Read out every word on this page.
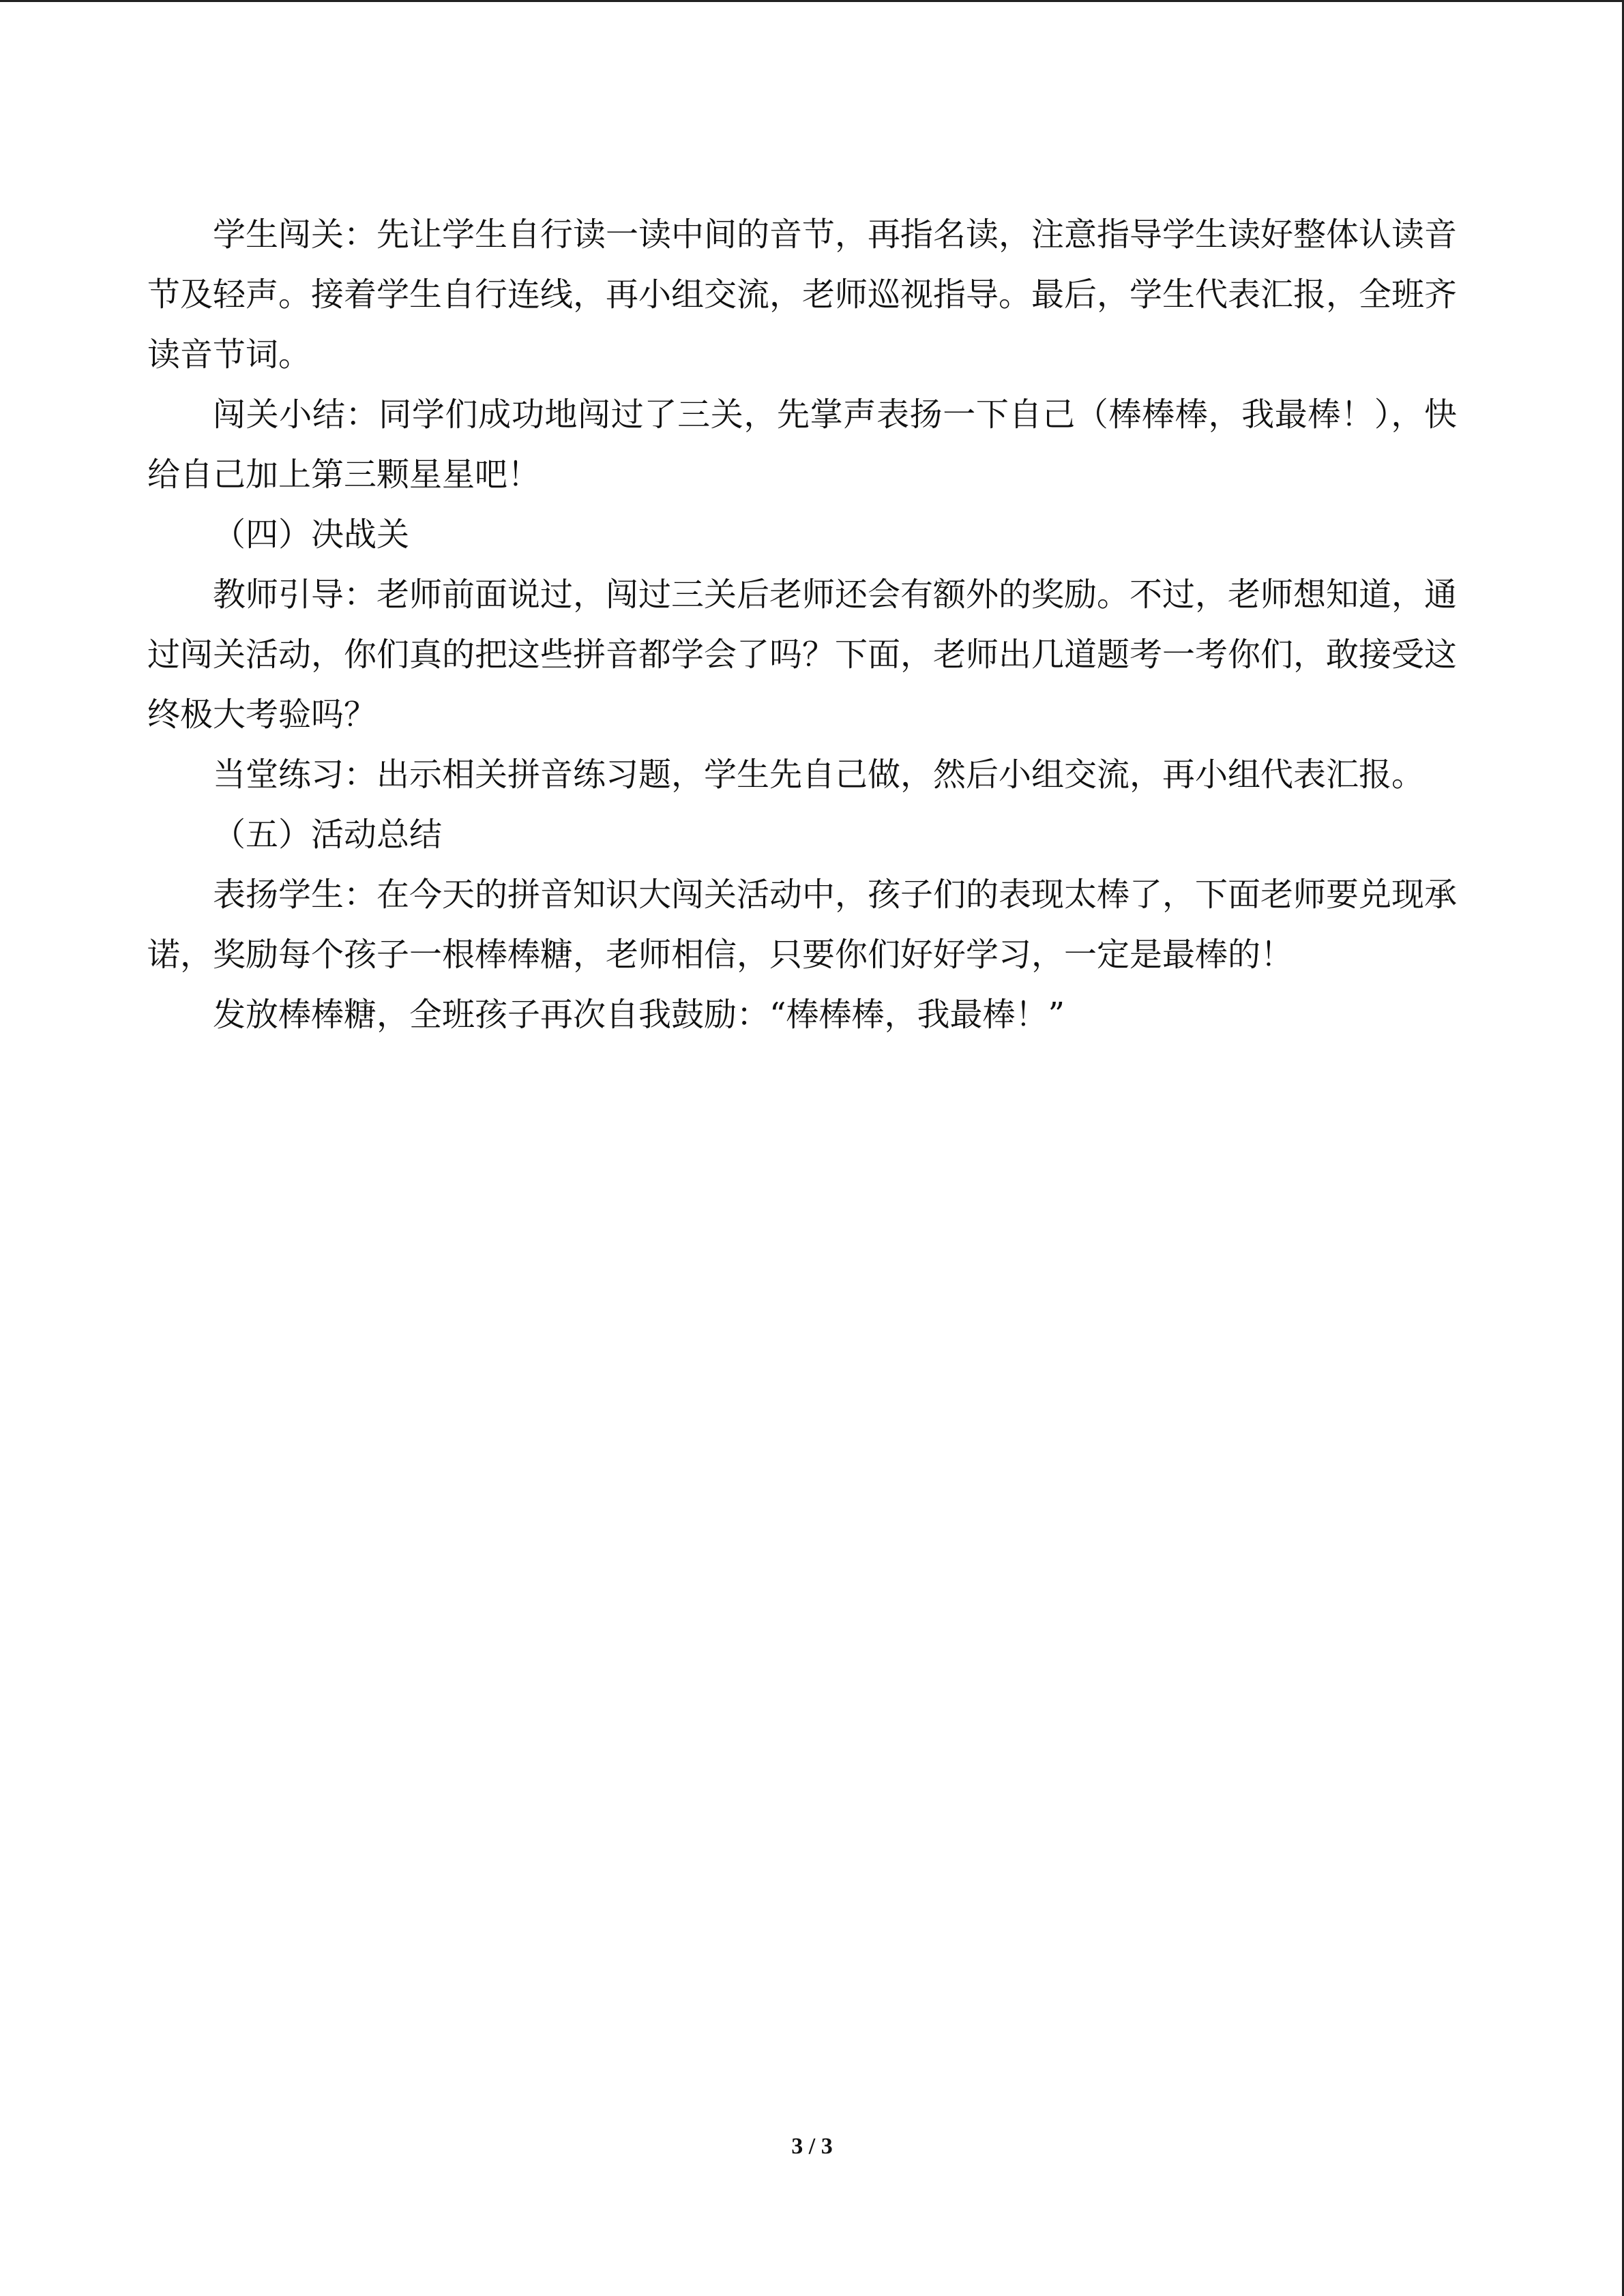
学生闯关：先让学生自行读一读中间的音节，再指名读，注意指导学生读好整体认读音节及轻声。接着学生自行连线，再小组交流，老师巡视指导。最后，学生代表汇报，全班齐读音节词。

闯关小结：同学们成功地闯过了三关，先掌声表扬一下自己（棒棒棒，我最棒！），快给自己加上第三颗星星吧！

（四）决战关

教师引导：老师前面说过，闯过三关后老师还会有额外的奖励。不过，老师想知道，通过闯关活动，你们真的把这些拼音都学会了吗？下面，老师出几道题考一考你们，敢接受这终极大考验吗？

当堂练习：出示相关拼音练习题，学生先自己做，然后小组交流，再小组代表汇报。

（五）活动总结

表扬学生：在今天的拼音知识大闯关活动中，孩子们的表现太棒了，下面老师要兑现承诺，奖励每个孩子一根棒棒糖，老师相信，只要你们好好学习，一定是最棒的！

发放棒棒糖，全班孩子再次自我鼓励：“棒棒棒，我最棒！”

3 / 3
